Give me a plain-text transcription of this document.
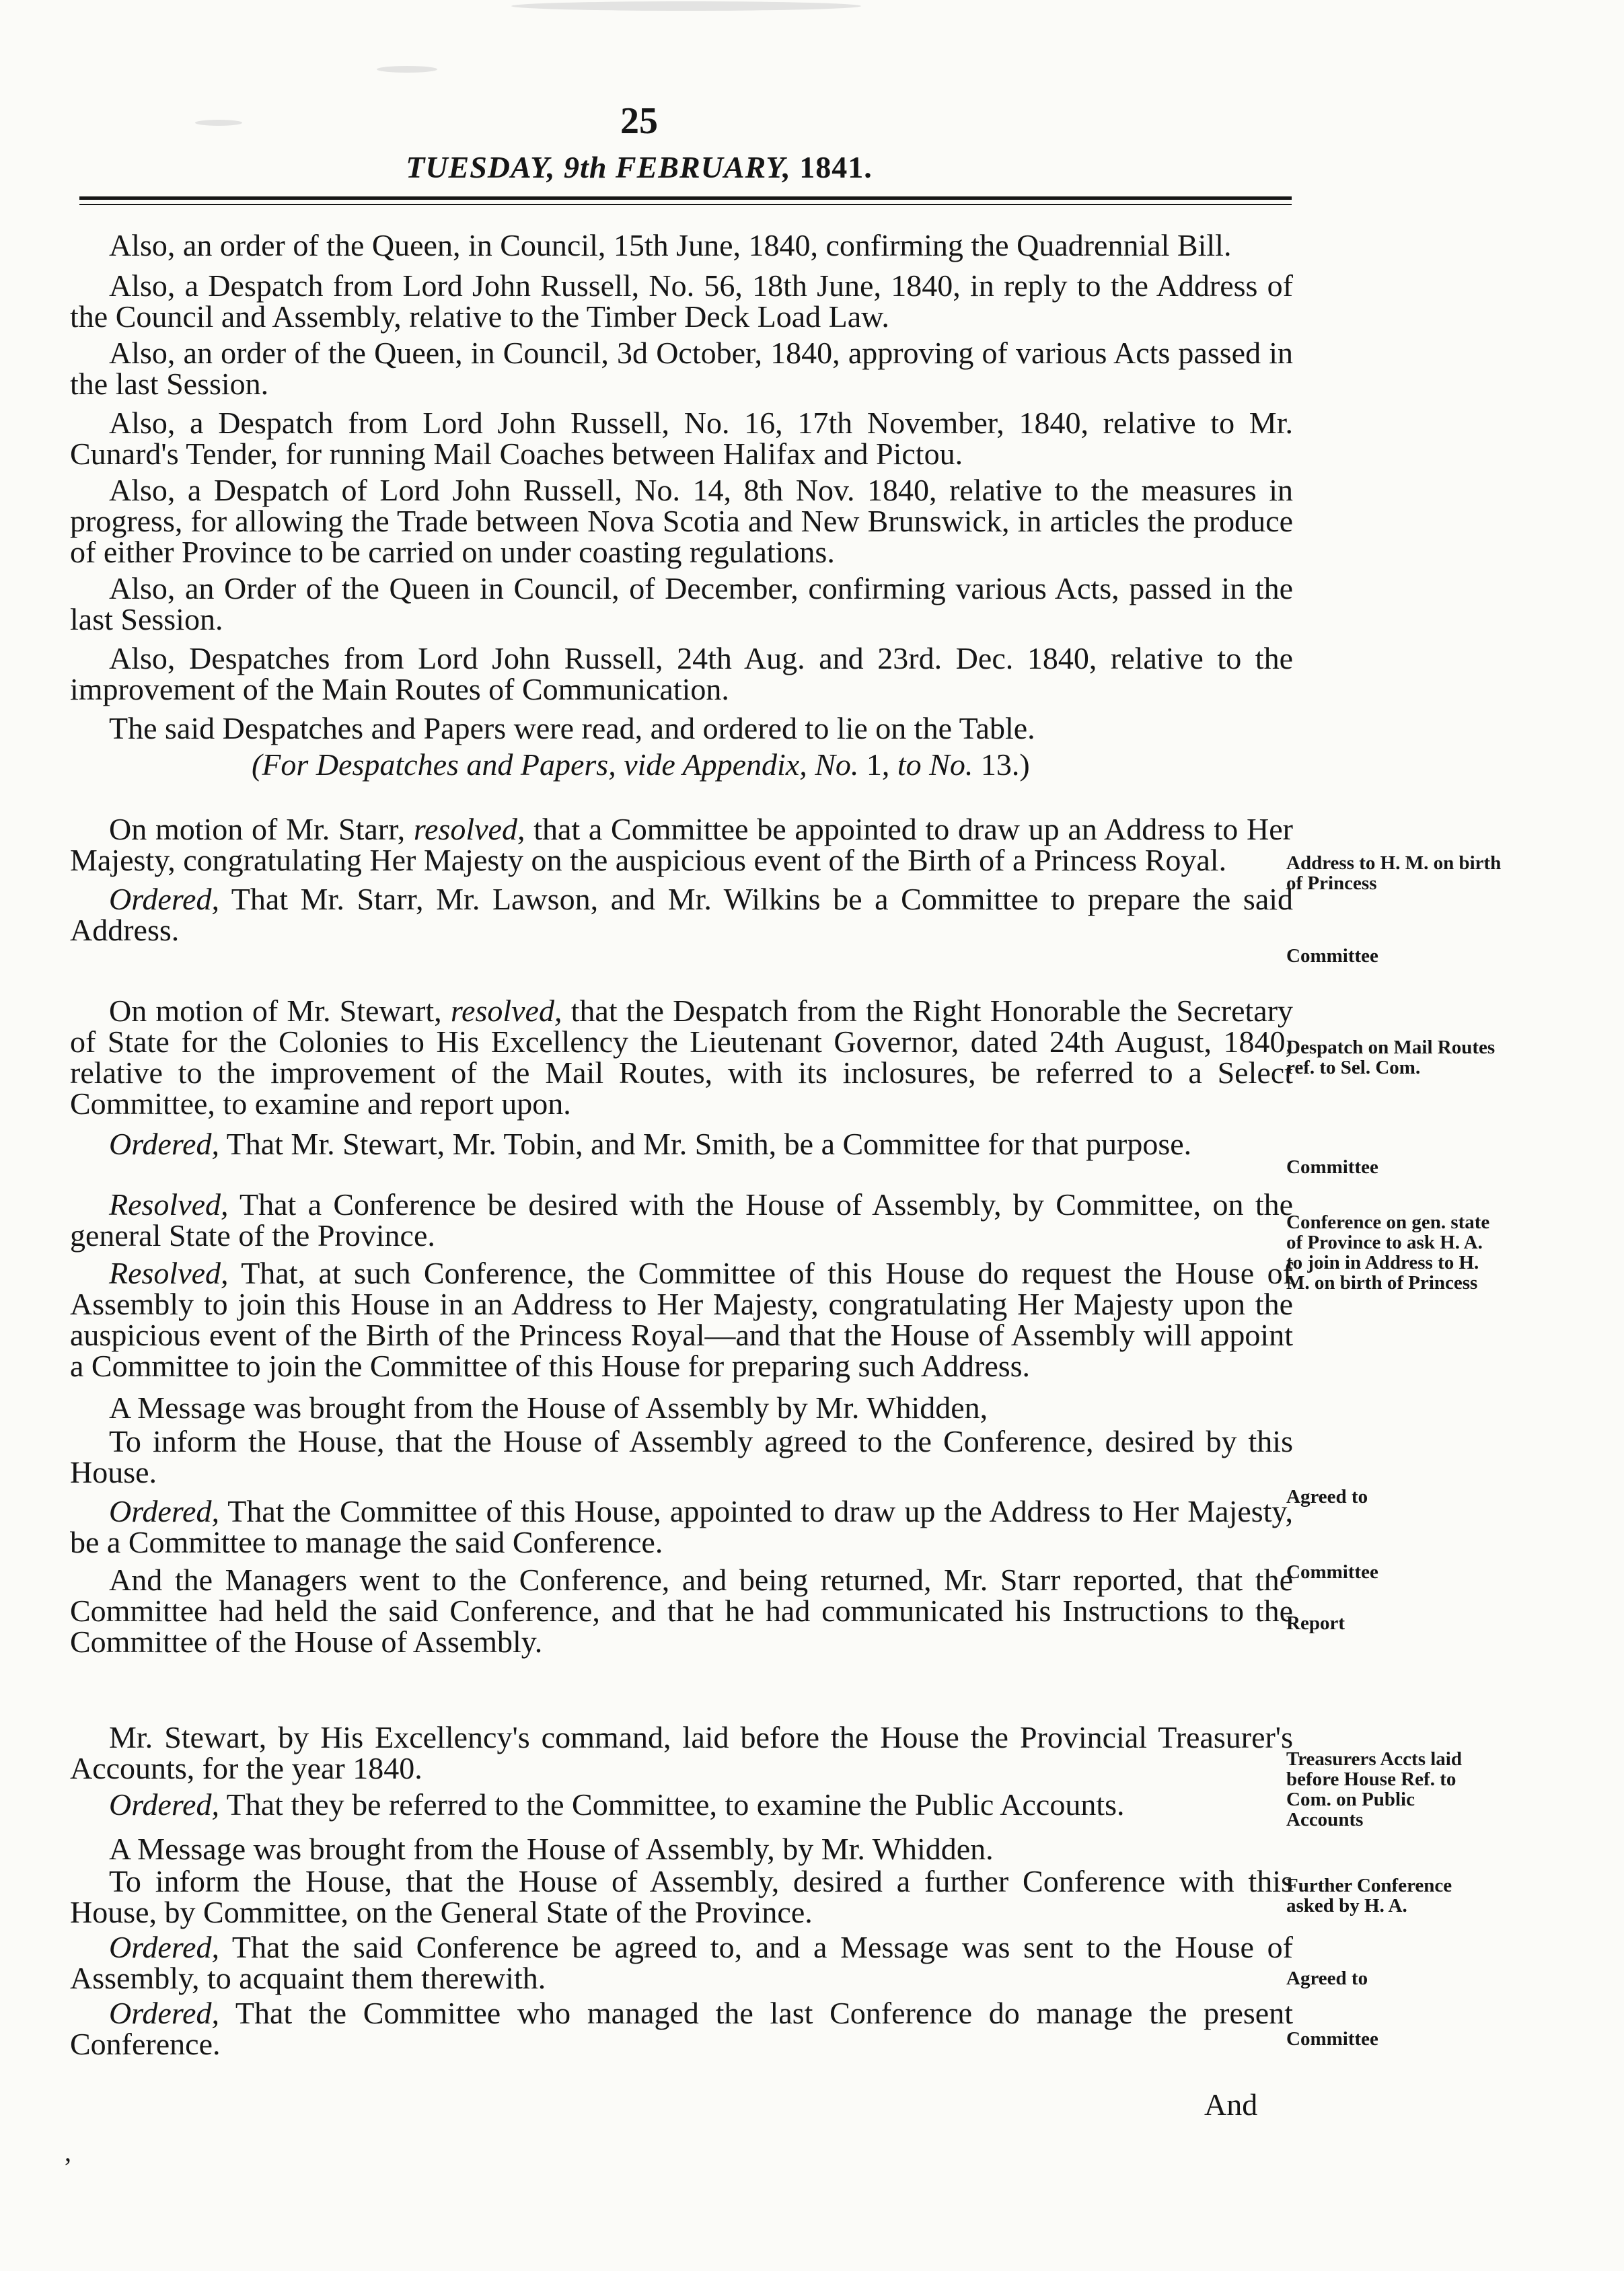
25
TUESDAY, 9th FEBRUARY, 1841.

Also, an order of the Queen, in Council, 15th June, 1840, confirming the Quadrennial Bill.

Also, a Despatch from Lord John Russell, No. 56, 18th June, 1840, in reply to the Address of the Council and Assembly, relative to the Timber Deck Load Law.

Also, an order of the Queen, in Council, 3d October, 1840, approving of various Acts passed in the last Session.

Also, a Despatch from Lord John Russell, No. 16, 17th November, 1840, relative to Mr. Cunard's Tender, for running Mail Coaches between Halifax and Pictou.

Also, a Despatch of Lord John Russell, No. 14, 8th Nov. 1840, relative to the measures in progress, for allowing the Trade between Nova Scotia and New Brunswick, in articles the produce of either Province to be carried on under coasting regulations.

Also, an Order of the Queen in Council, of December, confirming various Acts, passed in the last Session.

Also, Despatches from Lord John Russell, 24th Aug. and 23rd. Dec. 1840, relative to the improvement of the Main Routes of Communication.

The said Despatches and Papers were read, and ordered to lie on the Table.

(For Despatches and Papers, vide Appendix, No. 1, to No. 13.)

On motion of Mr. Starr, resolved, that a Committee be appointed to draw up an Address to Her Majesty, congratulating Her Majesty on the auspicious event of the Birth of a Princess Royal.

Ordered, That Mr. Starr, Mr. Lawson, and Mr. Wilkins be a Committee to prepare the said Address.

On motion of Mr. Stewart, resolved, that the Despatch from the Right Honorable the Secretary of State for the Colonies to His Excellency the Lieutenant Governor, dated 24th August, 1840, relative to the improvement of the Mail Routes, with its inclosures, be referred to a Select Committee, to examine and report upon.

Ordered, That Mr. Stewart, Mr. Tobin, and Mr. Smith, be a Committee for that purpose.

Resolved, That a Conference be desired with the House of Assembly, by Committee, on the general State of the Province.

Resolved, That, at such Conference, the Committee of this House do request the House of Assembly to join this House in an Address to Her Majesty, congratulating Her Majesty upon the auspicious event of the Birth of the Princess Royal—and that the House of Assembly will appoint a Committee to join the Committee of this House for preparing such Address.

A Message was brought from the House of Assembly by Mr. Whidden,

To inform the House, that the House of Assembly agreed to the Conference, desired by this House.

Ordered, That the Committee of this House, appointed to draw up the Address to Her Majesty, be a Committee to manage the said Conference.

And the Managers went to the Conference, and being returned, Mr. Starr reported, that the Committee had held the said Conference, and that he had communicated his Instructions to the Committee of the House of Assembly.

Mr. Stewart, by His Excellency's command, laid before the House the Provincial Treasurer's Accounts, for the year 1840.

Ordered, That they be referred to the Committee, to examine the Public Accounts.

A Message was brought from the House of Assembly, by Mr. Whidden.

To inform the House, that the House of Assembly, desired a further Conference with this House, by Committee, on the General State of the Province.

Ordered, That the said Conference be agreed to, and a Message was sent to the House of Assembly, to acquaint them therewith.

Ordered, That the Committee who managed the last Conference do manage the present Conference.

Address to H. M. on birth of Princess
Committee
Despatch on Mail Routes ref. to Sel. Com.
Committee
Conference on gen. state of Province to ask H. A. to join in Address to H. M. on birth of Princess
Agreed to
Committee
Report
Treasurers Accts laid before House Ref. to Com. on Public Accounts
Further Conference asked by H. A.
Agreed to
Committee
And
’
